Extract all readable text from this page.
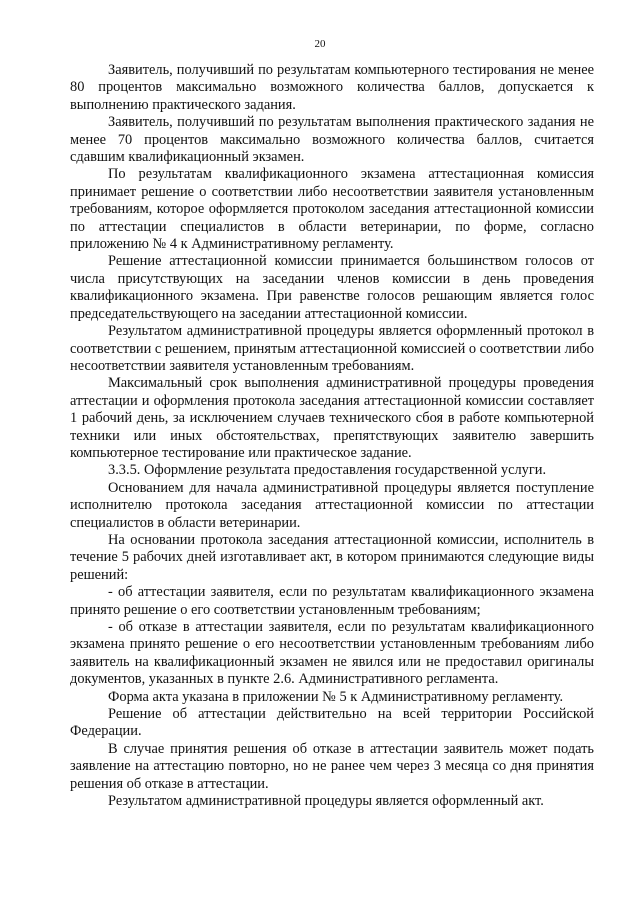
20

Заявитель, получивший по результатам компьютерного тестирования не менее 80 процентов максимально возможного количества баллов, допускается к выполнению практического задания.

Заявитель, получивший по результатам выполнения практического задания не менее 70 процентов максимально возможного количества баллов, считается сдавшим квалификационный экзамен.

По результатам квалификационного экзамена аттестационная комиссия принимает решение о соответствии либо несоответствии заявителя установленным требованиям, которое оформляется протоколом заседания аттестационной комиссии по аттестации специалистов в области ветеринарии, по форме, согласно приложению № 4 к Административному регламенту.

Решение аттестационной комиссии принимается большинством голосов от числа присутствующих на заседании членов комиссии в день проведения квалификационного экзамена. При равенстве голосов решающим является голос председательствующего на заседании аттестационной комиссии.

Результатом административной процедуры является оформленный протокол в соответствии с решением, принятым аттестационной комиссией о соответствии либо несоответствии заявителя установленным требованиям.

Максимальный срок выполнения административной процедуры проведения аттестации и оформления протокола заседания аттестационной комиссии составляет 1 рабочий день, за исключением случаев технического сбоя в работе компьютерной техники или иных обстоятельствах, препятствующих заявителю завершить компьютерное тестирование или практическое задание.

3.3.5. Оформление результата предоставления государственной услуги.

Основанием для начала административной процедуры является поступление исполнителю протокола заседания аттестационной комиссии по аттестации специалистов в области ветеринарии.

На основании протокола заседания аттестационной комиссии, исполнитель в течение 5 рабочих дней изготавливает акт, в котором принимаются следующие виды решений:

- об аттестации заявителя, если по результатам квалификационного экзамена принято решение о его соответствии установленным требованиям;

- об отказе в аттестации заявителя, если по результатам квалификационного экзамена принято решение о его несоответствии установленным требованиям либо заявитель на квалификационный экзамен не явился или не предоставил оригиналы документов, указанных в пункте 2.6. Административного регламента.

Форма акта указана в приложении № 5 к Административному регламенту.

Решение об аттестации действительно на всей территории Российской Федерации.

В случае принятия решения об отказе в аттестации заявитель может подать заявление на аттестацию повторно, но не ранее чем через 3 месяца со дня принятия решения об отказе в аттестации.

Результатом административной процедуры является оформленный акт.
